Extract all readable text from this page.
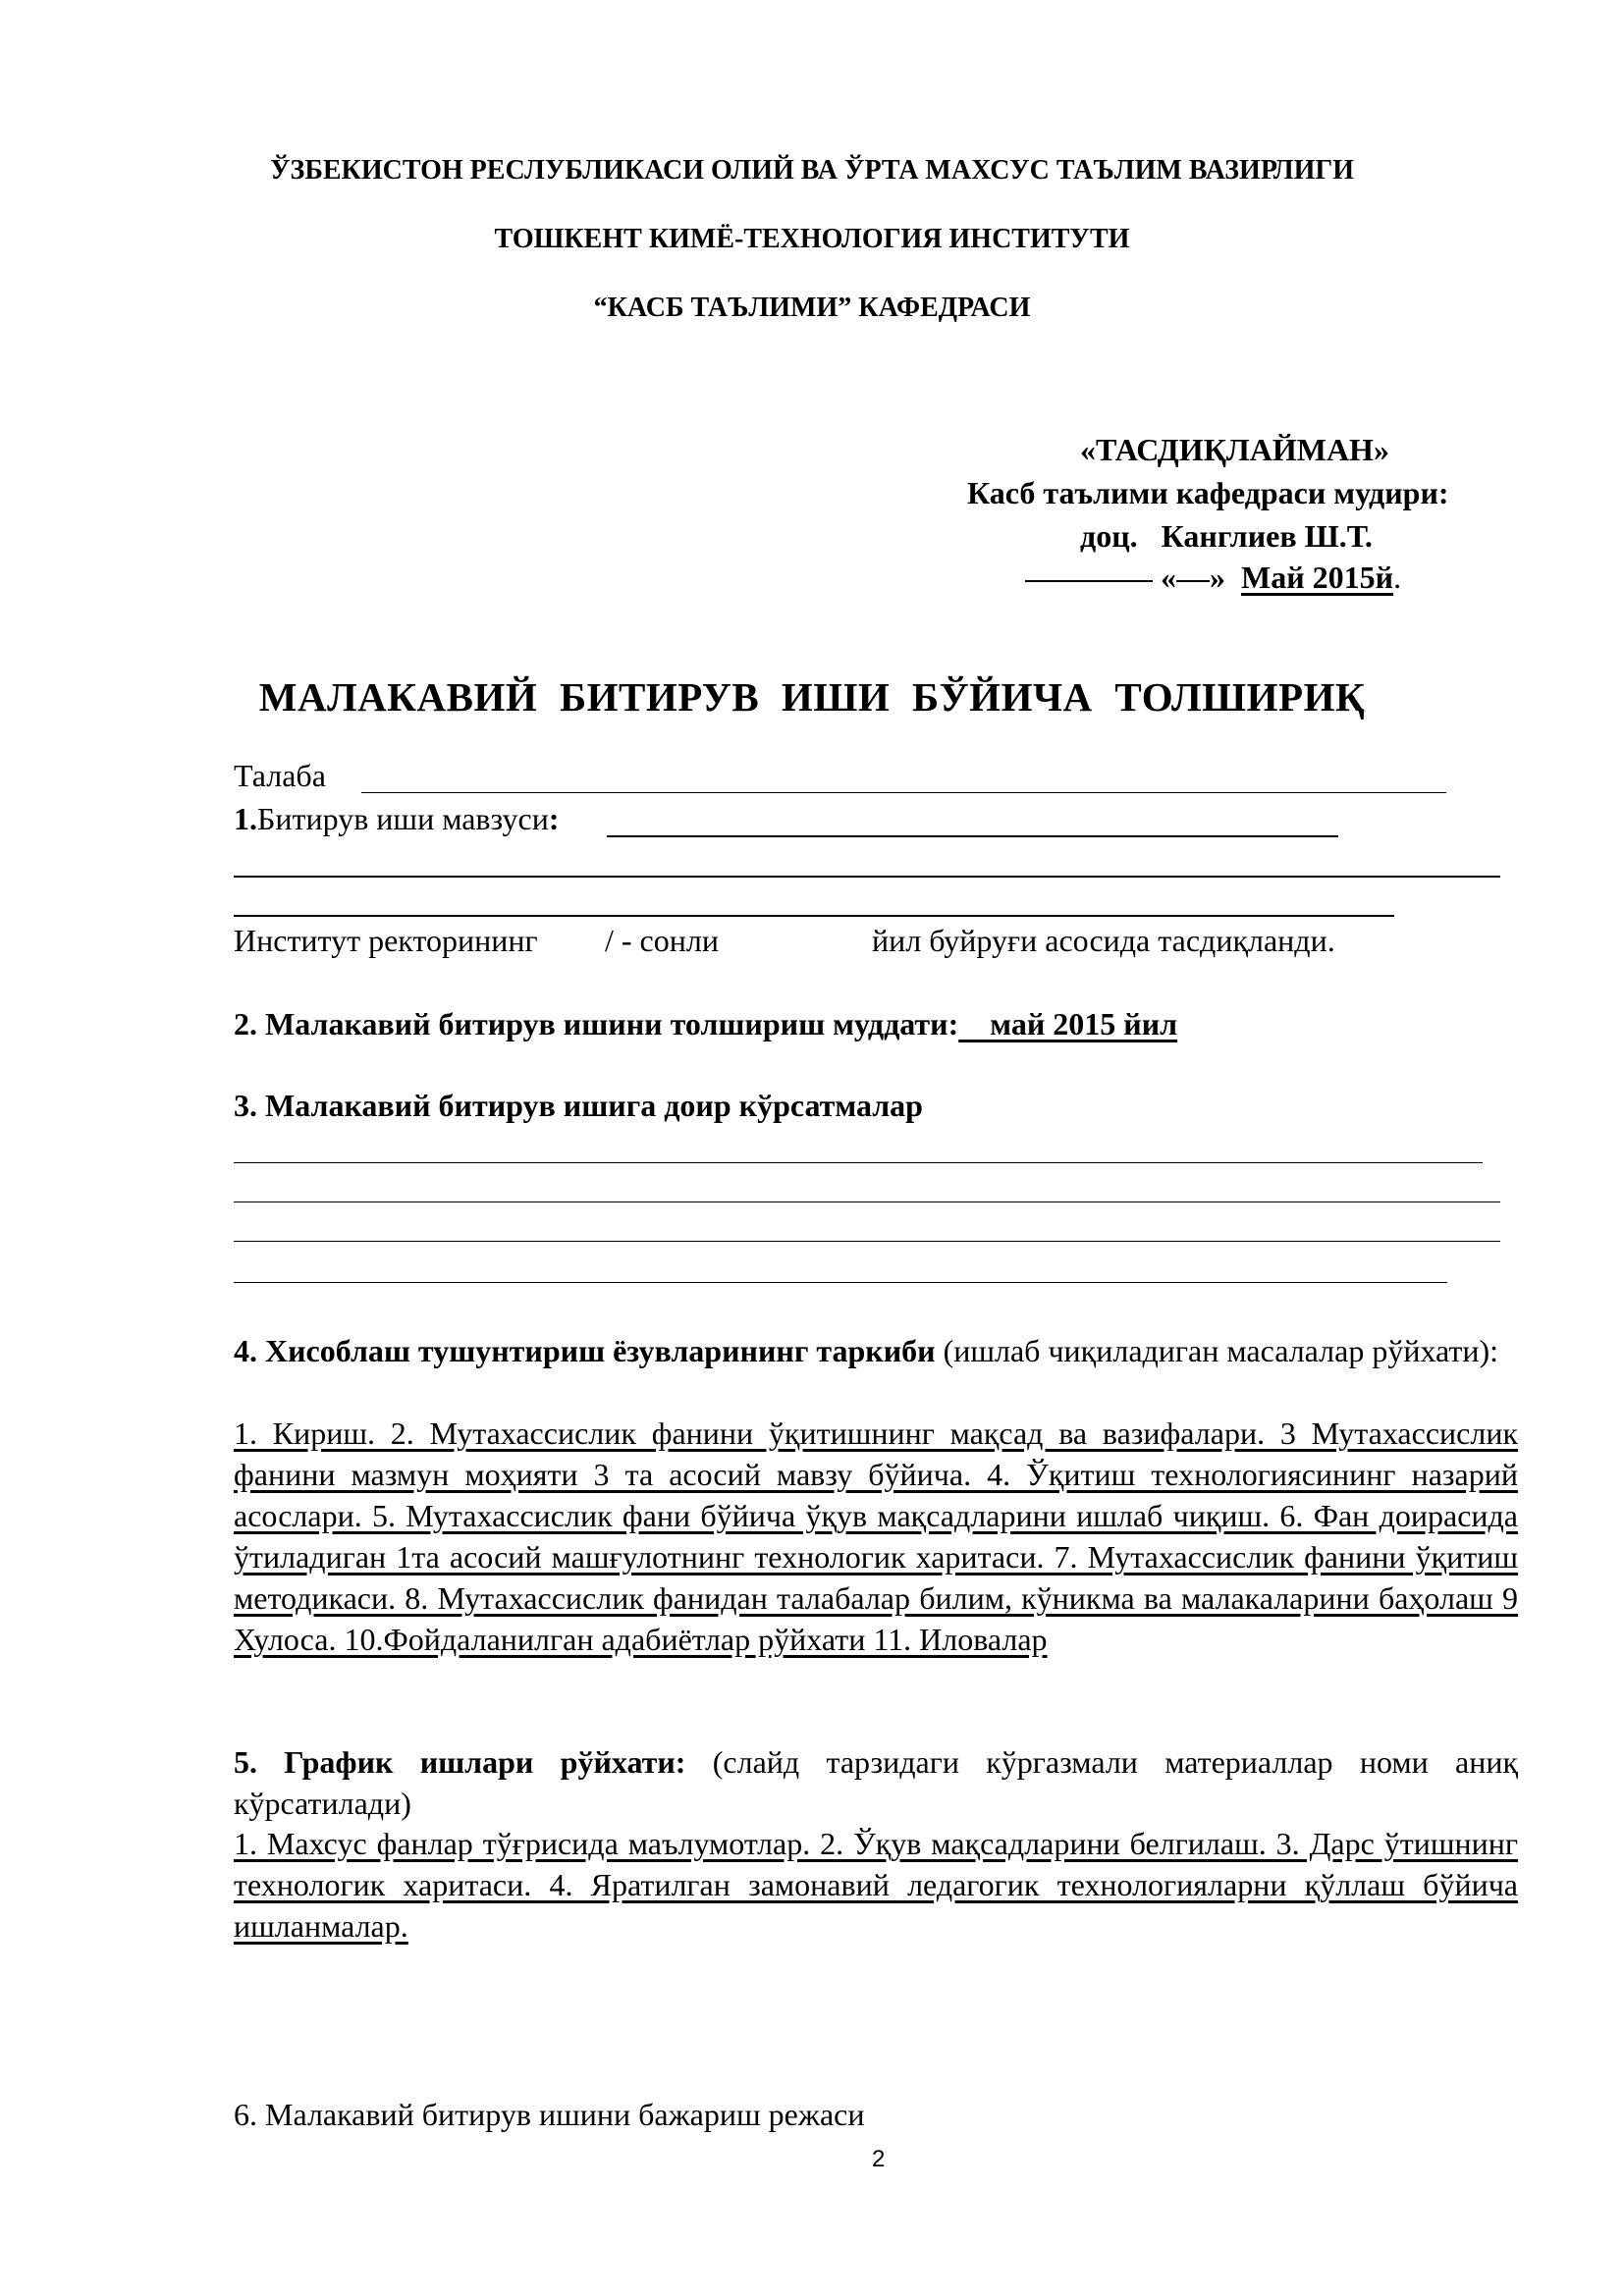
ЎЗБЕКИСТОН РЕСЛУБЛИКАСИ ОЛИЙ ВА ЎРТА МАХСУС ТАЪЛИМ ВАЗИРЛИГИ
ТОШКЕНТ КИМЁ-ТЕХНОЛОГИЯ ИНСТИТУТИ
“КАСБ ТАЪЛИМИ” КАФЕДРАСИ
«ТАСДИҚЛАЙМАН»
Касб таълими кафедраси мудири:
доц. Канглиев Ш.Т.
« » Май 2015й.
МАЛАКАВИЙ БИТИРУВ ИШИ БЎЙИЧА ТОЛШИРИҚ
Талаба
1.Битирув иши мавзуси:
Институт ректорининг / - сонли	йил буйруғи асосида тасдиқланди.
2. Малакавий битирув ишини толшириш муддати:    май 2015 йил
3. Малакавий битирув ишига доир кўрсатмалар
4. Хисоблаш тушунтириш ёзувларининг таркиби (ишлаб чиқиладиган масалалар рўйхати):
1. Кириш. 2. Мутахассислик фанини ўқитишнинг мақсад ва вазифалари. 3 Мутахассислик фанини мазмун моҳияти 3 та асосий мавзу бўйича. 4. Ўқитиш технологиясининг назарий асослари. 5. Мутахассислик фани бўйича ўқув мақсадларини ишлаб чиқиш. 6. Фан доирасида ўтиладиган 1та асосий машғулотнинг технологик харитаси. 7. Мутахассислик фанини ўқитиш методикаси. 8. Мутахассислик фанидан талабалар билим, кўникма ва малакаларини баҳолаш 9 Хулоса. 10.Фойдаланилган адабиётлар рўйхати 11. Иловалар
5. График ишлари рўйхати: (слайд тарзидаги кўргазмали материаллар номи аниқ кўрсатилади)
1. Махсус фанлар тўғрисида маълумотлар. 2. Ўқув мақсадларини белгилаш. 3. Дарс ўтишнинг технологик харитаси. 4. Яратилган замонавий ледагогик технологияларни қўллаш бўйича ишланмалар.
6. Малакавий битирув ишини бажариш режаси
2
